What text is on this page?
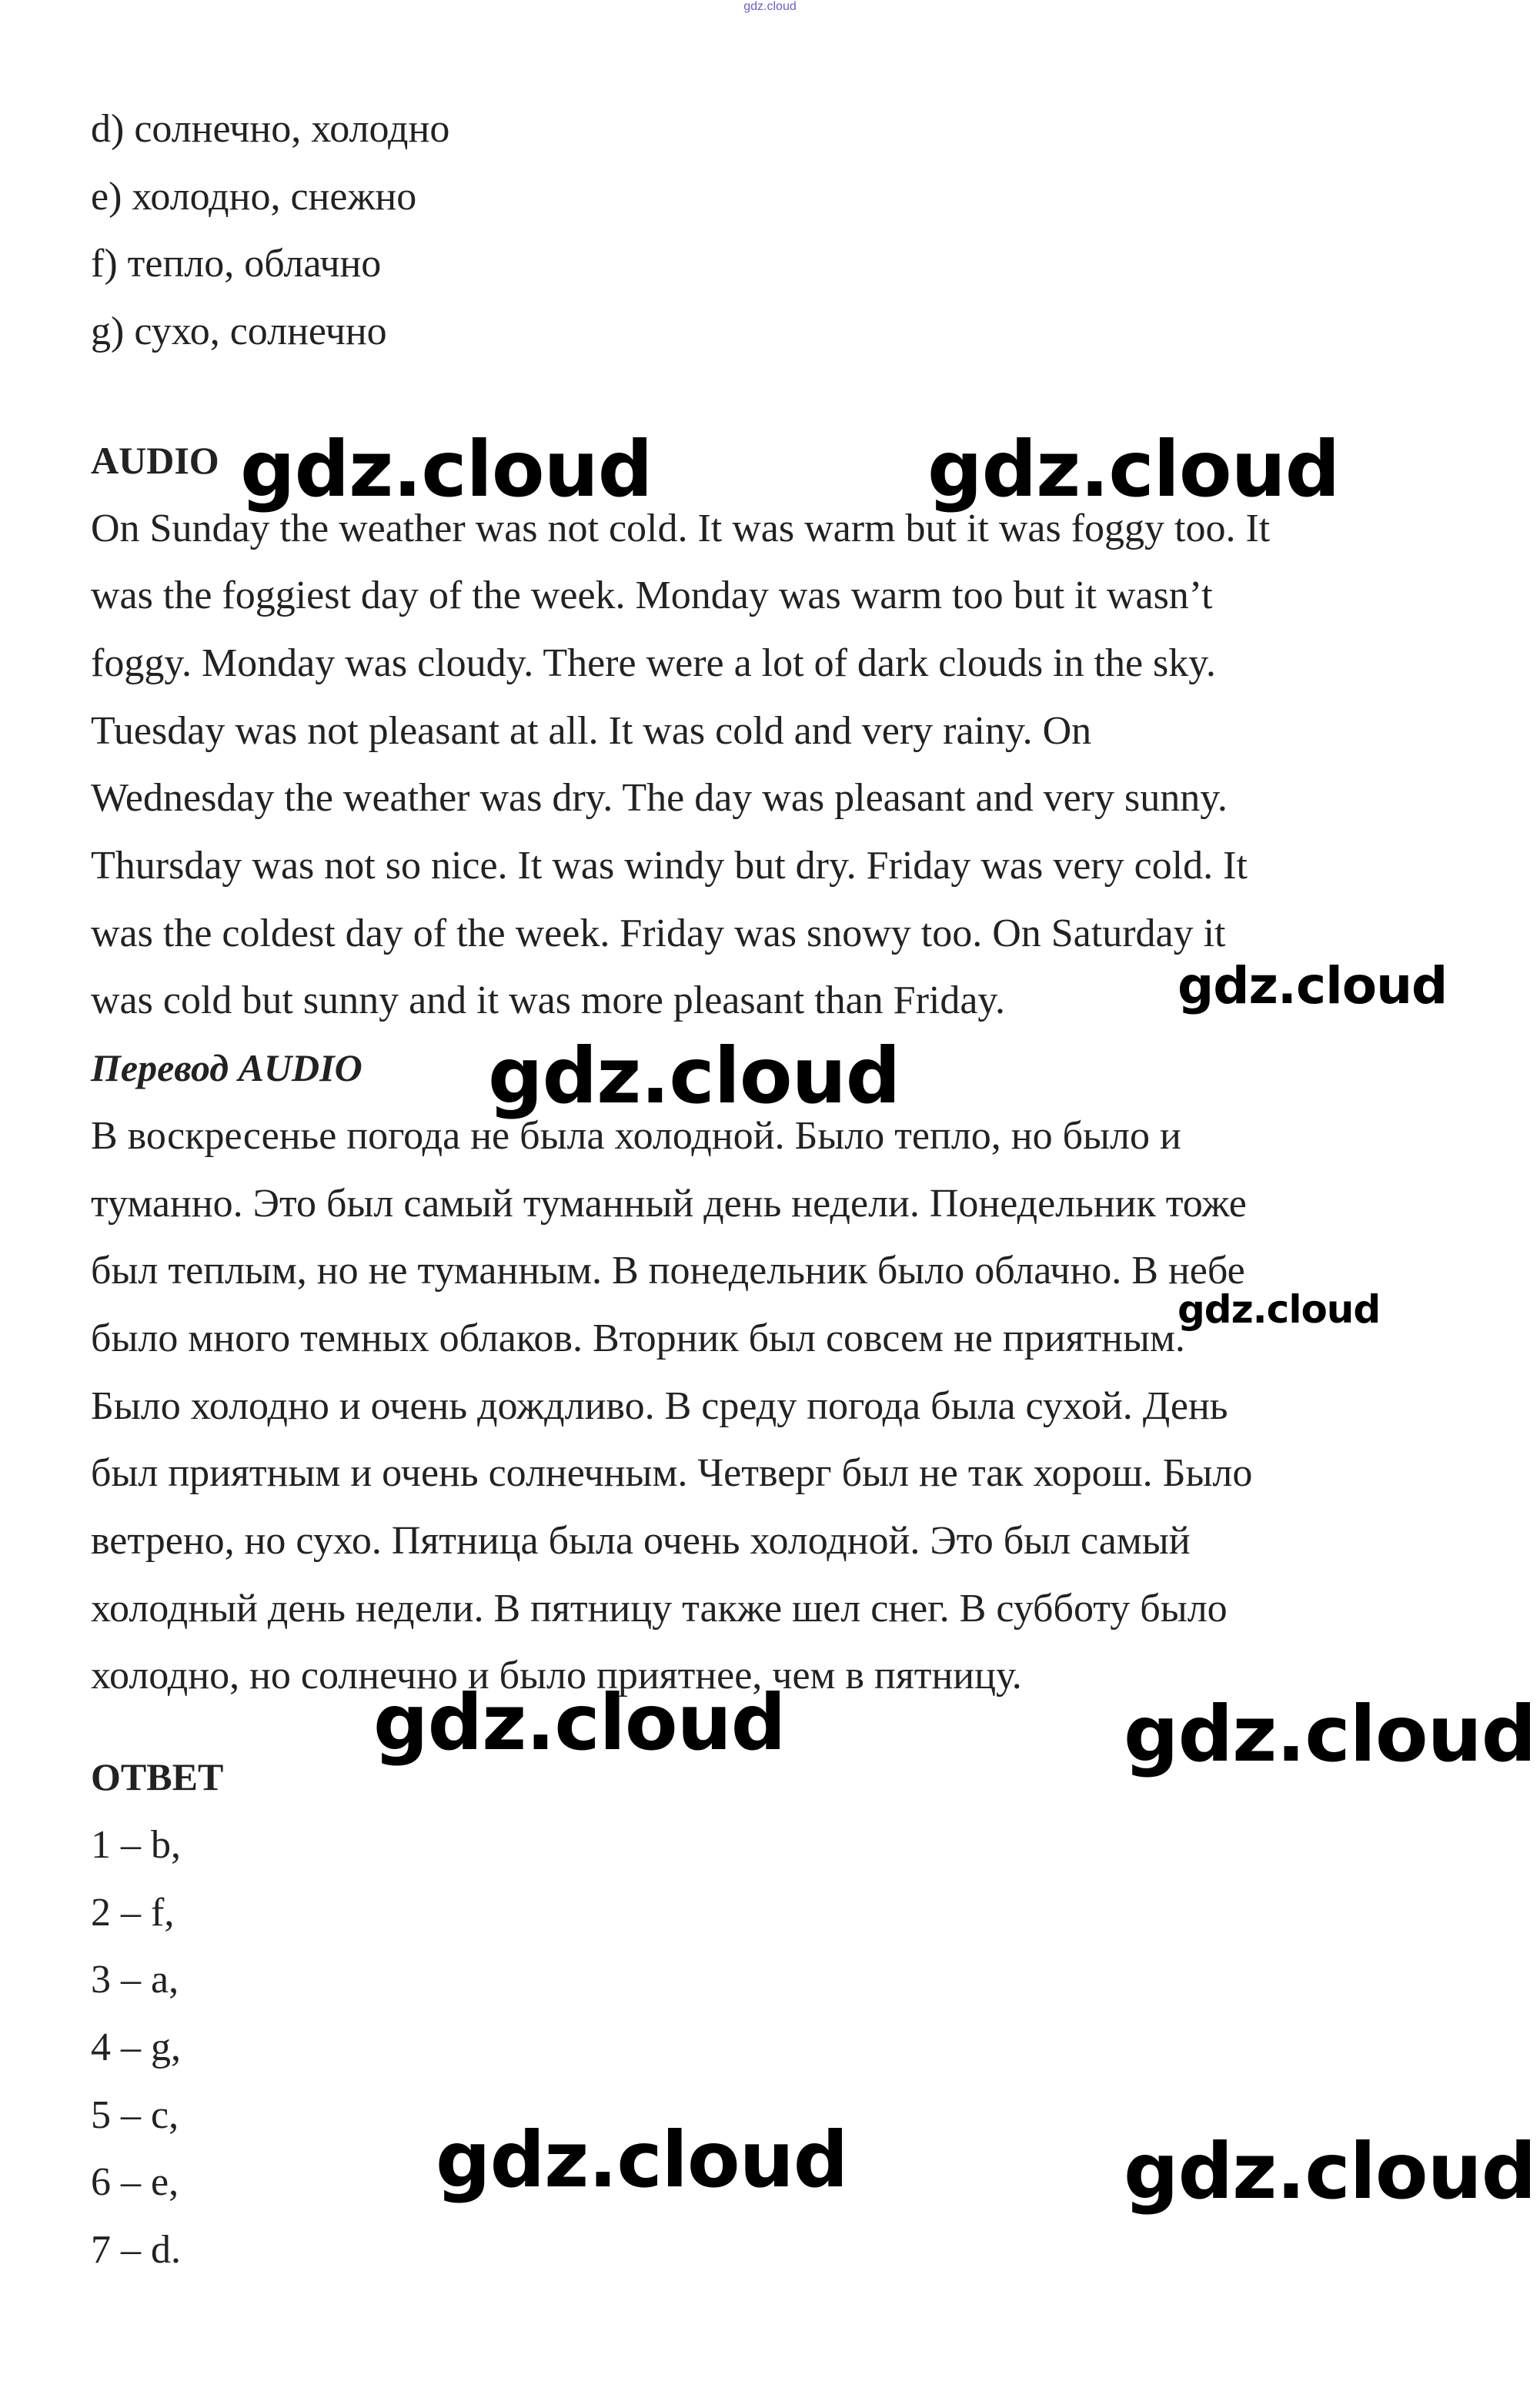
gdz.cloud
d) солнечно, холодно
e) холодно, снежно
f) тепло, облачно
g) сухо, солнечно
AUDIO
On Sunday the weather was not cold. It was warm but it was foggy too. It
was the foggiest day of the week. Monday was warm too but it wasn’t
foggy. Monday was cloudy. There were a lot of dark clouds in the sky.
Tuesday was not pleasant at all. It was cold and very rainy. On
Wednesday the weather was dry. The day was pleasant and very sunny.
Thursday was not so nice. It was windy but dry. Friday was very cold. It
was the coldest day of the week. Friday was snowy too. On Saturday it
was cold but sunny and it was more pleasant than Friday.
Перевод AUDIO
В воскресенье погода не была холодной. Было тепло, но было и
туманно. Это был самый туманный день недели. Понедельник тоже
был теплым, но не туманным. В понедельник было облачно. В небе
было много темных облаков. Вторник был совсем не приятным.
Было холодно и очень дождливо. В среду погода была сухой. День
был приятным и очень солнечным. Четверг был не так хорош. Было
ветрено, но сухо. Пятница была очень холодной. Это был самый
холодный день недели. В пятницу также шел снег. В субботу было
холодно, но солнечно и было приятнее, чем в пятницу.
ОТВЕТ
1 – b,
2 – f,
3 – a,
4 – g,
5 – c,
6 – e,
7 – d.
gdz.cloud	gdz.cloud
gdz.cloud
gdz.cloud
gdz.cloud
gdz.cloud	gdz.cloud
gdz.cloud	gdz.cloud
